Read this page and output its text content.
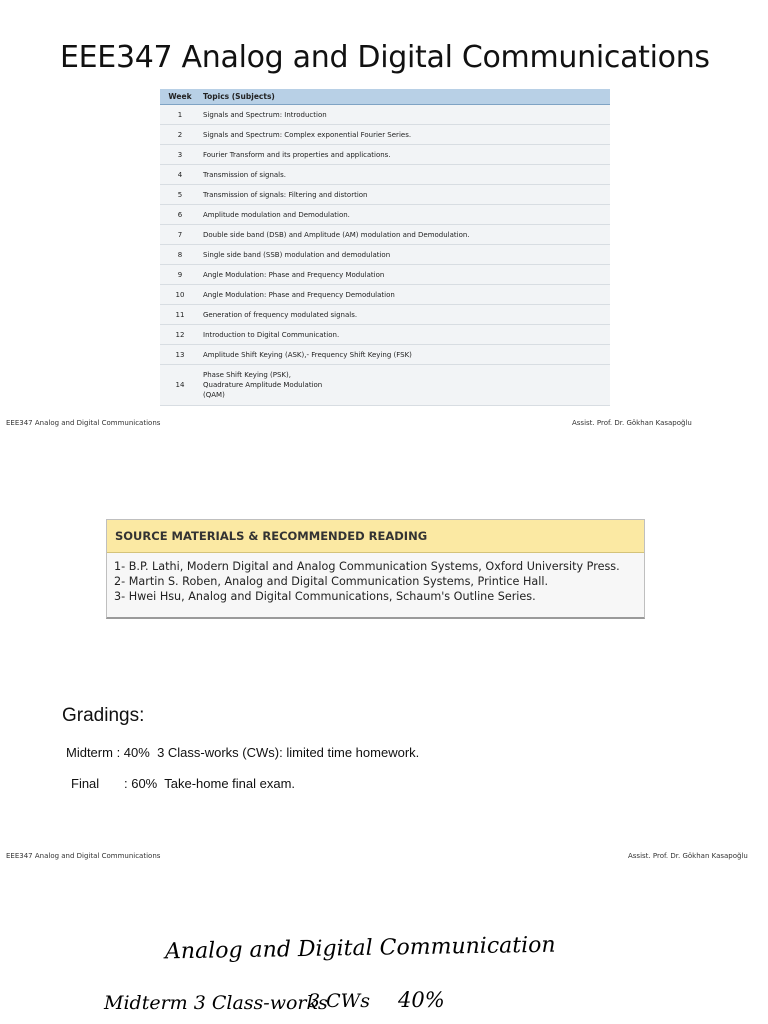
EEE347 Analog and Digital Communications
Week	Topics (Subjects)
1	Signals and Spectrum: Introduction
2	Signals and Spectrum: Complex exponential Fourier Series.
3	Fourier Transform and its properties and applications.
4	Transmission of signals.
5	Transmission of signals: Filtering and distortion
6	Amplitude modulation and Demodulation.
7	Double side band (DSB) and Amplitude (AM) modulation and Demodulation.
8	Single side band (SSB) modulation and demodulation
9	Angle Modulation: Phase and Frequency Modulation
10	Angle Modulation: Phase and Frequency Demodulation
11	Generation of frequency modulated signals.
12	Introduction to Digital Communication.
13	Amplitude Shift Keying (ASK),- Frequency Shift Keying (FSK)
14	Phase Shift Keying (PSK),
Quadrature Amplitude Modulation
(QAM)
EEE347 Analog and Digital Communications	Assist. Prof. Dr. Gökhan Kasapoğlu
SOURCE MATERIALS & RECOMMENDED READING
1- B.P. Lathi, Modern Digital and Analog Communication Systems, Oxford University Press.
2- Martin S. Roben, Analog and Digital Communication Systems, Printice Hall.
3- Hwei Hsu, Analog and Digital Communications, Schaum's Outline Series.
Gradings:
Midterm : 40% 3 Class-works (CWs): limited time homework.
Final : 60% Take-home final exam.
EEE347 Analog and Digital Communications	Assist. Prof. Dr. Gökhan Kasapoğlu
Analog and Digital Communication
Midterm 3 Class-works
3 CWs 40%
